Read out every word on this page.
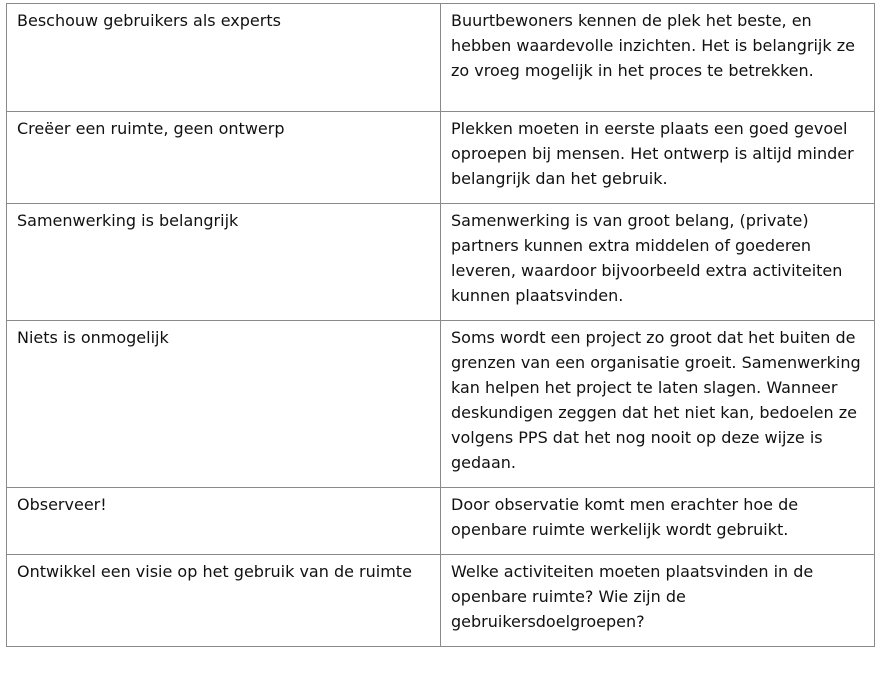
Beschouw gebruikers als experts	Buurtbewoners kennen de plek het beste, en hebben waardevolle inzichten. Het is belangrijk ze zo vroeg mogelijk in het proces te betrekken.
Creëer een ruimte, geen ontwerp	Plekken moeten in eerste plaats een goed gevoel oproepen bij mensen. Het ontwerp is altijd minder belangrijk dan het gebruik.
Samenwerking is belangrijk	Samenwerking is van groot belang, (private) partners kunnen extra middelen of goederen leveren, waardoor bijvoorbeeld extra activiteiten kunnen plaatsvinden.
Niets is onmogelijk	Soms wordt een project zo groot dat het buiten de grenzen van een organisatie groeit. Samenwerking kan helpen het project te laten slagen. Wanneer deskundigen zeggen dat het niet kan, bedoelen ze volgens PPS dat het nog nooit op deze wijze is gedaan.
Observeer!	Door observatie komt men erachter hoe de openbare ruimte werkelijk wordt gebruikt.
Ontwikkel een visie op het gebruik van de ruimte	Welke activiteiten moeten plaatsvinden in de openbare ruimte? Wie zijn de gebruikersdoelgroepen?
